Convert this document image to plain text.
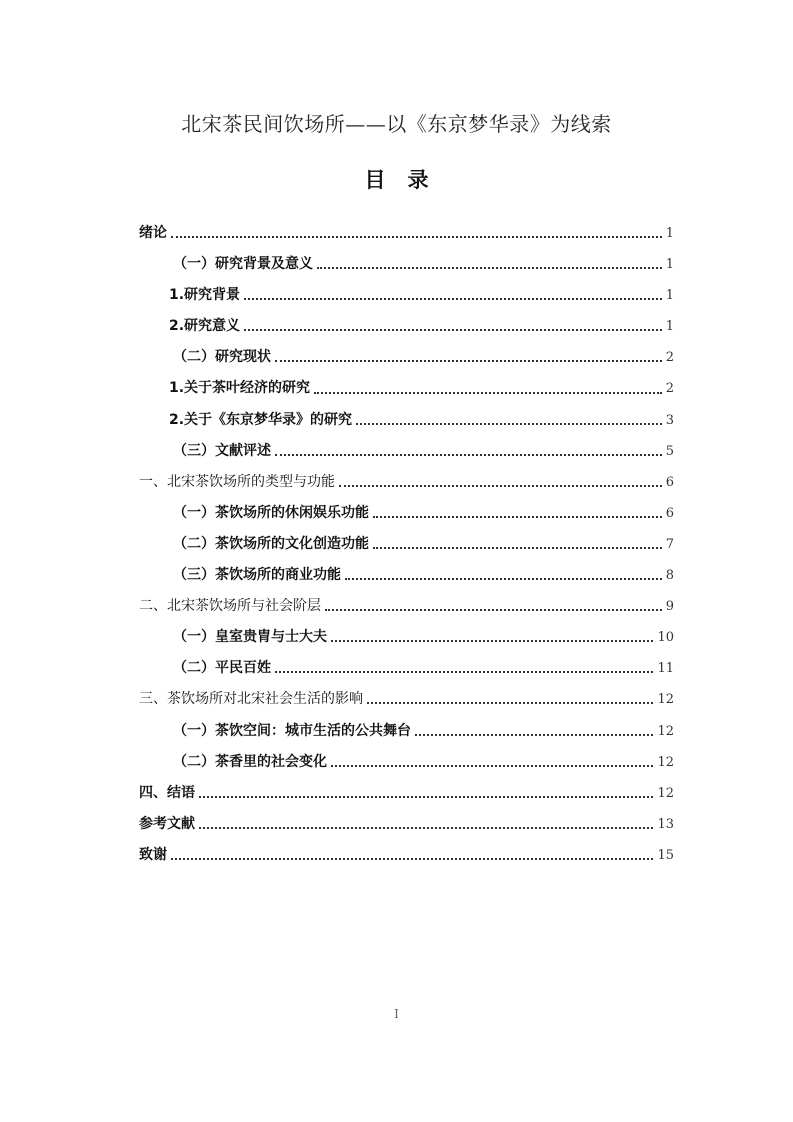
北宋茶民间饮场所——以《东京梦华录》为线索
目录
绪论	1
（一）研究背景及意义	1
1.研究背景	1
2.研究意义	1
（二）研究现状	2
1.关于茶叶经济的研究	2
2.关于《东京梦华录》的研究	3
（三）文献评述	5
一、北宋茶饮场所的类型与功能	6
（一）茶饮场所的休闲娱乐功能	6
（二）茶饮场所的文化创造功能	7
（三）茶饮场所的商业功能	8
二、北宋茶饮场所与社会阶层	9
（一）皇室贵胄与士大夫	10
（二）平民百姓	11
三、茶饮场所对北宋社会生活的影响	12
（一）茶饮空间：城市生活的公共舞台	12
（二）茶香里的社会变化	12
四、结语	12
参考文献	13
致谢	15
I
